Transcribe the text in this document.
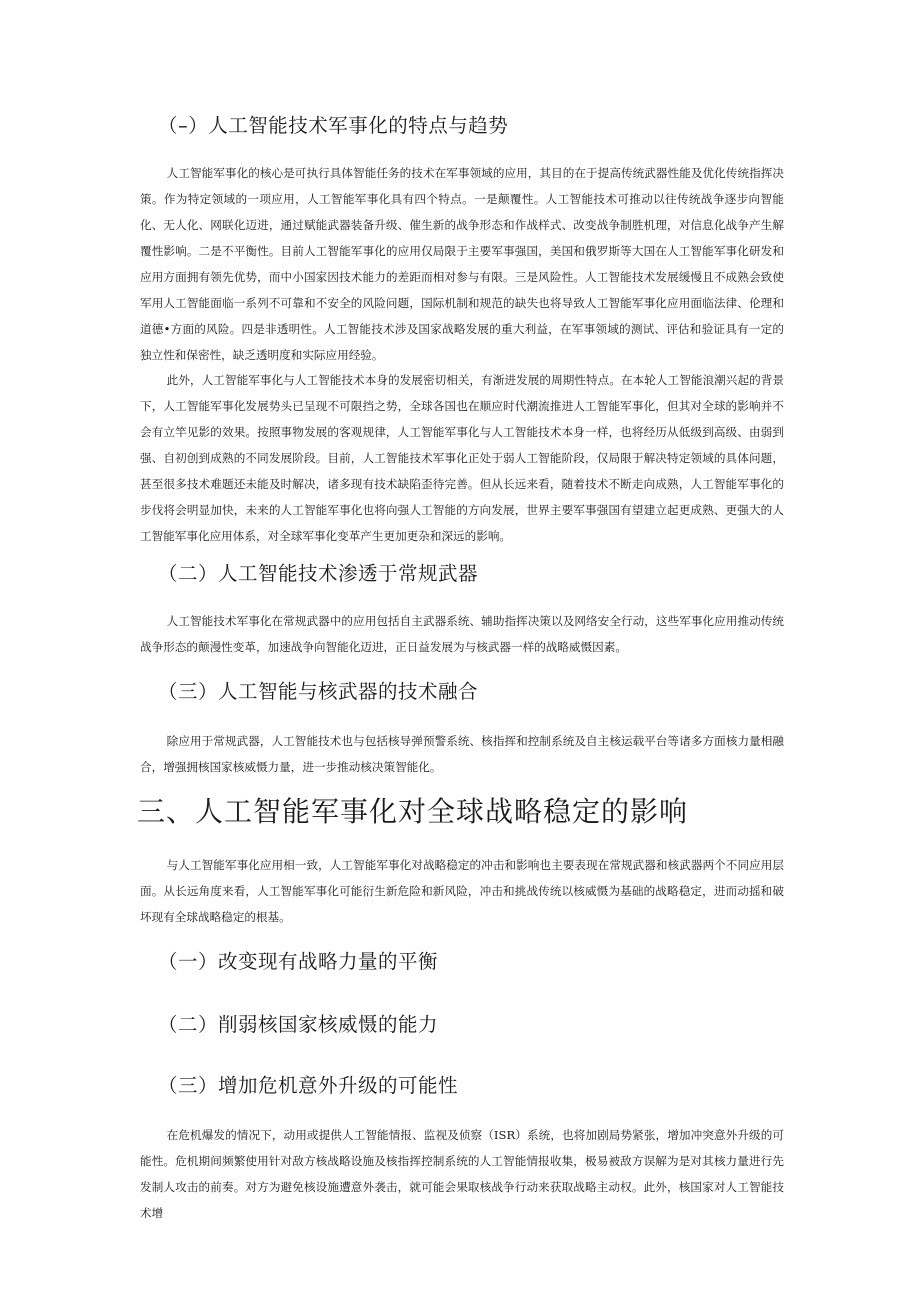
（–）人工智能技术军事化的特点与趋势

人工智能军事化的核心是可执行具体智能任务的技术在军事领域的应用，其目的在于提高传统武器性能及优化传统指挥决策。作为特定领域的一项应用，人工智能军事化具有四个特点。一是颠覆性。人工智能技术可推动以往传统战争逐步向智能化、无人化、网联化迈进，通过赋能武器装备升级、催生新的战争形态和作战样式、改变战争制胜机理，对信息化战争产生解覆性影响。二是不平衡性。目前人工智能军事化的应用仅局限于主要军事强国，美国和俄罗斯等大国在人工智能军事化研发和应用方面拥有领先优势，而中小国家因技术能力的差距而相对参与有限。三是风险性。人工智能技术发展缓慢且不成熟会致使军用人工智能面临一系列不可靠和不安全的风险问题，国际机制和规范的缺失也将导致人工智能军事化应用面临法律、伦理和道德•方面的风险。四是非透明性。人工智能技术涉及国家战略发展的重大利益，在军事领域的测试、评估和验证具有一定的独立性和保密性，缺乏透明度和实际应用经验。

此外，人工智能军事化与人工智能技术本身的发展密切相关，有渐进发展的周期性特点。在本轮人工智能浪潮兴起的背景下，人工智能军事化发展势头已呈现不可限挡之势，全球各国也在顺应时代潮流推进人工智能军事化，但其对全球的影响并不会有立竿见影的效果。按照事物发展的客观规律，人工智能军事化与人工智能技术本身一样，也将经历从低级到高级、由弱到强、自初创到成熟的不同发展阶段。目前，人工智能技术军事化正处于弱人工智能阶段，仅局限于解决特定领域的具体问题，甚至很多技术难题还未能及时解决，诸多现有技术缺陷歪待完善。但从长远来看，随着技术不断走向成熟，人工智能军事化的步伐将会明显加快，未来的人工智能军事化也将向强人工智能的方向发展，世界主要军事强国有望建立起更成熟、更强大的人工智能军事化应用体系，对全球军事化变革产生更加更杂和深远的影响。

（二）人工智能技术渗透于常规武器

人工智能技术军事化在常规武器中的应用包括自主武器系统、辅助指挥决策以及网络安全行动，这些军事化应用推动传统战争形态的颠漫性变革，加速战争向智能化迈进，正日益发展为与核武器一样的战略威慑因素。

（三）人工智能与核武器的技术融合

除应用于常规武器，人工智能技术也与包括核导弹预警系统、核指挥和控制系统及自主核运载平台等诸多方面核力量相融合，增强拥核国家核威慑力量，进一步推动核决策智能化。

三、人工智能军事化对全球战略稳定的影响

与人工智能军事化应用相一致，人工智能军事化对战略稳定的冲击和影响也主要表现在常规武器和核武器两个不同应用层面。从长远角度来看，人工智能军事化可能衍生新危险和新风险，冲击和挑战传统以核威慑为基础的战略稳定，进而动摇和破坏现有全球战略稳定的根基。

（一）改变现有战略力量的平衡
（二）削弱核国家核威慑的能力
（三）增加危机意外升级的可能性

在危机爆发的情况下，动用或提供人工智能情报、监视及侦察（ISR）系统，也将加剧局势紧张，增加冲突意外升级的可能性。危机期间频繁使用针对敌方核战略设施及核指挥控制系统的人工智能情报收集，极易被敌方误解为是对其核力量进行先发制人攻击的前奏。对方为避免核设施遭意外袭击，就可能会果取核战争行动来获取战略主动权。此外，核国家对人工智能技术增
